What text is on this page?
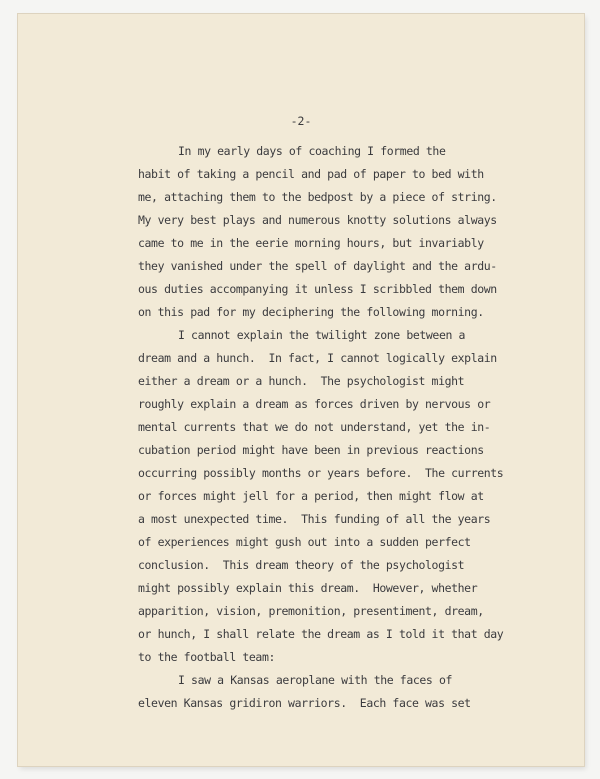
-2-
In my early days of coaching I formed the
habit of taking a pencil and pad of paper to bed with
me, attaching them to the bedpost by a piece of string.
My very best plays and numerous knotty solutions always
came to me in the eerie morning hours, but invariably
they vanished under the spell of daylight and the ardu-
ous duties accompanying it unless I scribbled them down
on this pad for my deciphering the following morning.
I cannot explain the twilight zone between a
dream and a hunch.  In fact, I cannot logically explain
either a dream or a hunch.  The psychologist might
roughly explain a dream as forces driven by nervous or
mental currents that we do not understand, yet the in-
cubation period might have been in previous reactions
occurring possibly months or years before.  The currents
or forces might jell for a period, then might flow at
a most unexpected time.  This funding of all the years
of experiences might gush out into a sudden perfect
conclusion.  This dream theory of the psychologist
might possibly explain this dream.  However, whether
apparition, vision, premonition, presentiment, dream,
or hunch, I shall relate the dream as I told it that day
to the football team:
I saw a Kansas aeroplane with the faces of
eleven Kansas gridiron warriors.  Each face was set
